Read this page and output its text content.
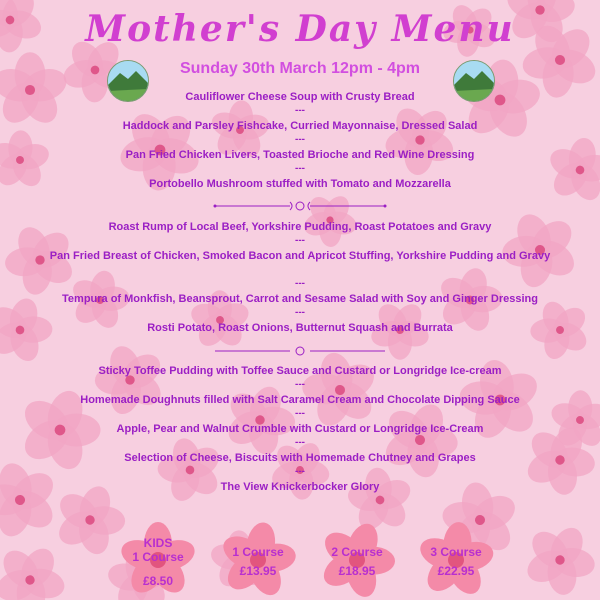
Mother's Day Menu
Sunday 30th March 12pm - 4pm
Cauliflower Cheese Soup with Crusty Bread
---
Haddock and Parsley Fishcake, Curried Mayonnaise, Dressed Salad
---
Pan Fried Chicken Livers, Toasted Brioche and Red Wine Dressing
---
Portobello Mushroom stuffed with Tomato and Mozzarella
Roast Rump of Local Beef, Yorkshire Pudding, Roast Potatoes and Gravy
---
Pan Fried Breast of Chicken, Smoked Bacon and Apricot Stuffing, Yorkshire Pudding and Gravy
---
Tempura of Monkfish, Beansprout, Carrot and Sesame Salad with Soy and Ginger Dressing
---
Rosti Potato, Roast Onions, Butternut Squash and Burrata
Sticky Toffee Pudding with Toffee Sauce and Custard or Longridge Ice-cream
---
Homemade Doughnuts filled with Salt Caramel Cream and Chocolate Dipping Sauce
---
Apple, Pear and Walnut Crumble with Custard or Longridge Ice-Cream
---
Selection of Cheese, Biscuits with Homemade Chutney and Grapes
---
The View Knickerbocker Glory
KIDS
1 Course
£8.50
1 Course
£13.95
2 Course
£18.95
3 Course
£22.95
